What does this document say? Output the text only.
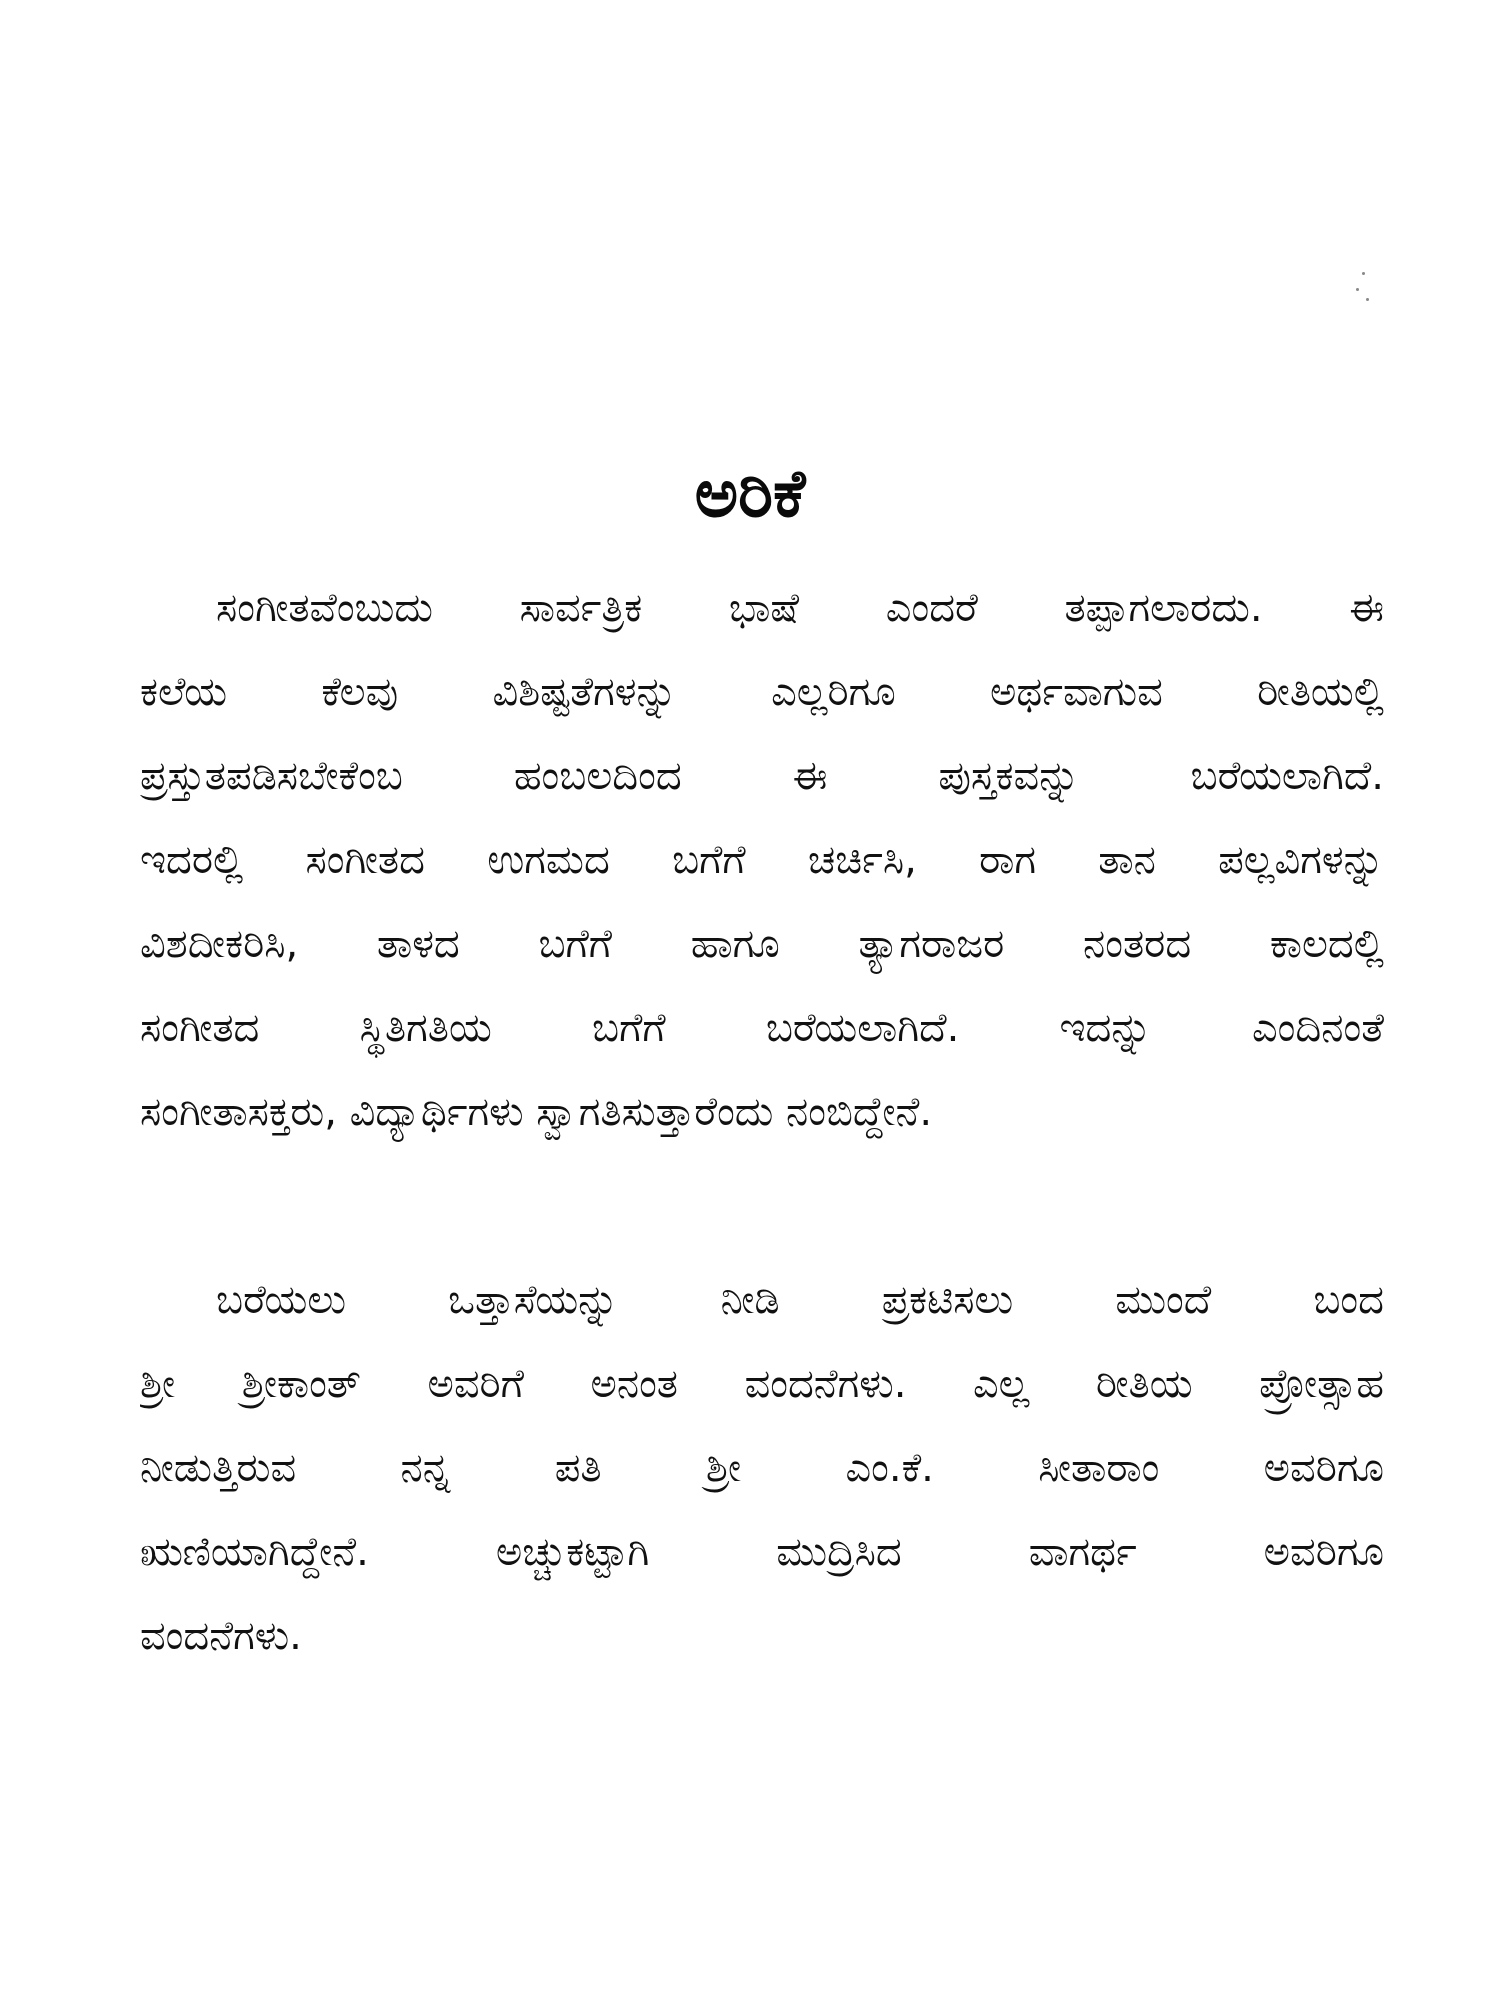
ಅರಿಕೆ

ಸಂಗೀತವೆಂಬುದು ಸಾರ್ವತ್ರಿಕ ಭಾಷೆ ಎಂದರೆ ತಪ್ಪಾಗಲಾರದು. ಈ
ಕಲೆಯ ಕೆಲವು ವಿಶಿಷ್ಟತೆಗಳನ್ನು ಎಲ್ಲರಿಗೂ ಅರ್ಥವಾಗುವ ರೀತಿಯಲ್ಲಿ
ಪ್ರಸ್ತುತಪಡಿಸಬೇಕೆಂಬ ಹಂಬಲದಿಂದ ಈ ಪುಸ್ತಕವನ್ನು ಬರೆಯಲಾಗಿದೆ.
ಇದರಲ್ಲಿ ಸಂಗೀತದ ಉಗಮದ ಬಗೆಗೆ ಚರ್ಚಿಸಿ, ರಾಗ ತಾನ ಪಲ್ಲವಿಗಳನ್ನು
ವಿಶದೀಕರಿಸಿ, ತಾಳದ ಬಗೆಗೆ ಹಾಗೂ ತ್ಯಾಗರಾಜರ ನಂತರದ ಕಾಲದಲ್ಲಿ
ಸಂಗೀತದ ಸ್ಥಿತಿಗತಿಯ ಬಗೆಗೆ ಬರೆಯಲಾಗಿದೆ. ಇದನ್ನು ಎಂದಿನಂತೆ
ಸಂಗೀತಾಸಕ್ತರು, ವಿದ್ಯಾರ್ಥಿಗಳು ಸ್ವಾಗತಿಸುತ್ತಾರೆಂದು ನಂಬಿದ್ದೇನೆ.

ಬರೆಯಲು ಒತ್ತಾಸೆಯನ್ನು ನೀಡಿ ಪ್ರಕಟಿಸಲು ಮುಂದೆ ಬಂದ
ಶ್ರೀ ಶ್ರೀಕಾಂತ್ ಅವರಿಗೆ ಅನಂತ ವಂದನೆಗಳು. ಎಲ್ಲ ರೀತಿಯ ಪ್ರೋತ್ಸಾಹ
ನೀಡುತ್ತಿರುವ ನನ್ನ ಪತಿ ಶ್ರೀ ಎಂ.ಕೆ. ಸೀತಾರಾಂ ಅವರಿಗೂ
ಋಣಿಯಾಗಿದ್ದೇನೆ. ಅಚ್ಚುಕಟ್ಟಾಗಿ ಮುದ್ರಿಸಿದ ವಾಗರ್ಥ ಅವರಿಗೂ
ವಂದನೆಗಳು.
